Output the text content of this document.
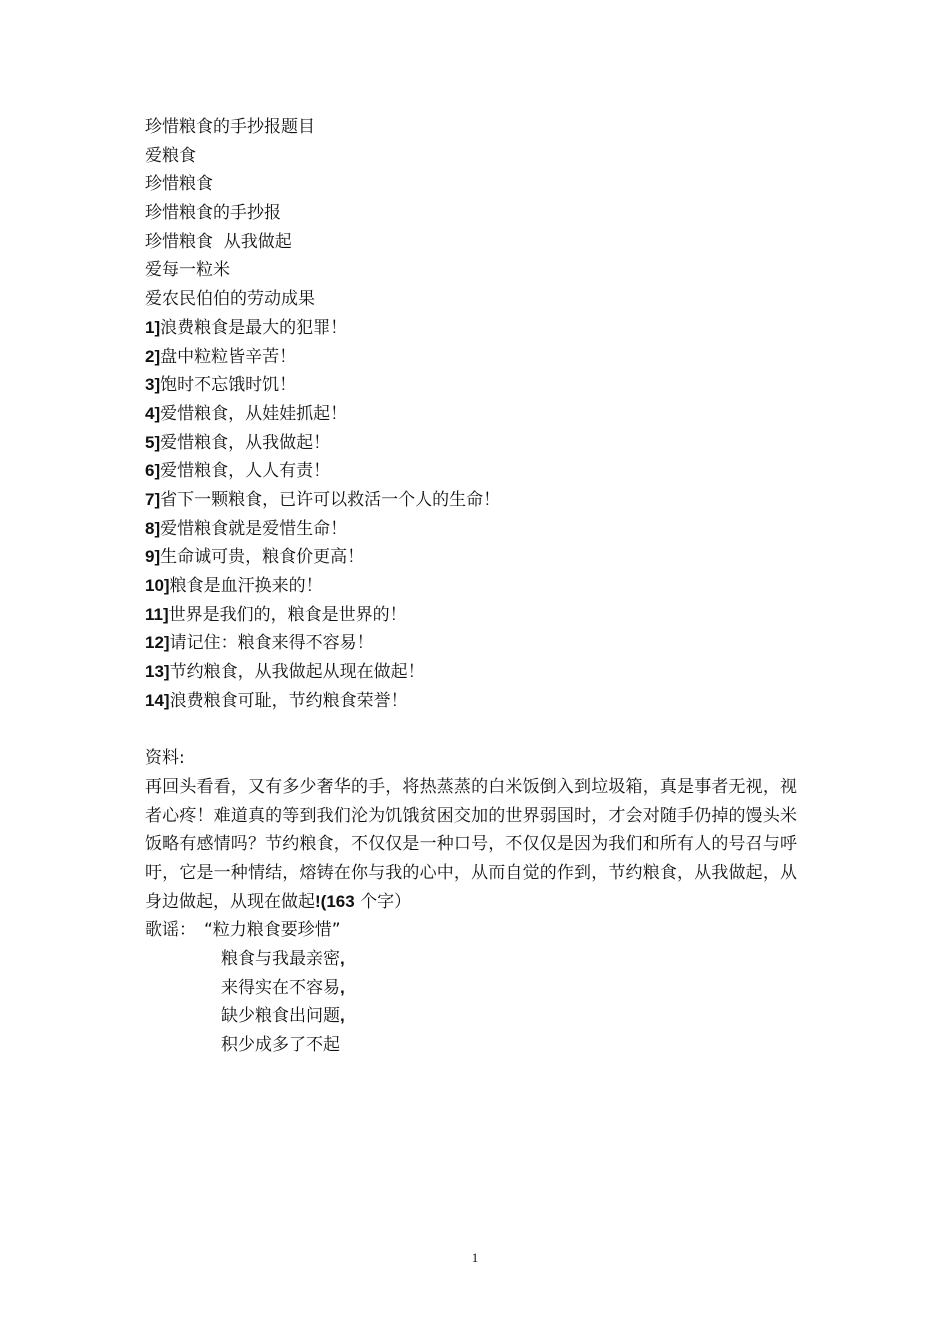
珍惜粮食的手抄报题目
爱粮食
珍惜粮食
珍惜粮食的手抄报
珍惜粮食  从我做起
爱每一粒米
爱农民伯伯的劳动成果
1]浪费粮食是最大的犯罪！
2]盘中粒粒皆辛苦！
3]饱时不忘饿时饥！
4]爱惜粮食，从娃娃抓起！
5]爱惜粮食，从我做起！
6]爱惜粮食，人人有责！
7]省下一颗粮食，已许可以救活一个人的生命！
8]爱惜粮食就是爱惜生命！
9]生命诚可贵，粮食价更高！
10]粮食是血汗换来的！
11]世界是我们的，粮食是世界的！
12]请记住：粮食来得不容易！
13]节约粮食，从我做起从现在做起！
14]浪费粮食可耻，节约粮食荣誉！
资料:
再回头看看，又有多少奢华的手，将热蒸蒸的白米饭倒入到垃圾箱，真是事者无视，视者心疼！难道真的等到我们沦为饥饿贫困交加的世界弱国时，才会对随手仍掉的馒头米饭略有感情吗？节约粮食，不仅仅是一种口号，不仅仅是因为我们和所有人的号召与呼吁，它是一种情结，熔铸在你与我的心中，从而自觉的作到，节约粮食，从我做起，从身边做起，从现在做起!(163 个字）
歌谣： “粒力粮食要珍惜”
粮食与我最亲密,
来得实在不容易,
缺少粮食出问题,
积少成多了不起
1
